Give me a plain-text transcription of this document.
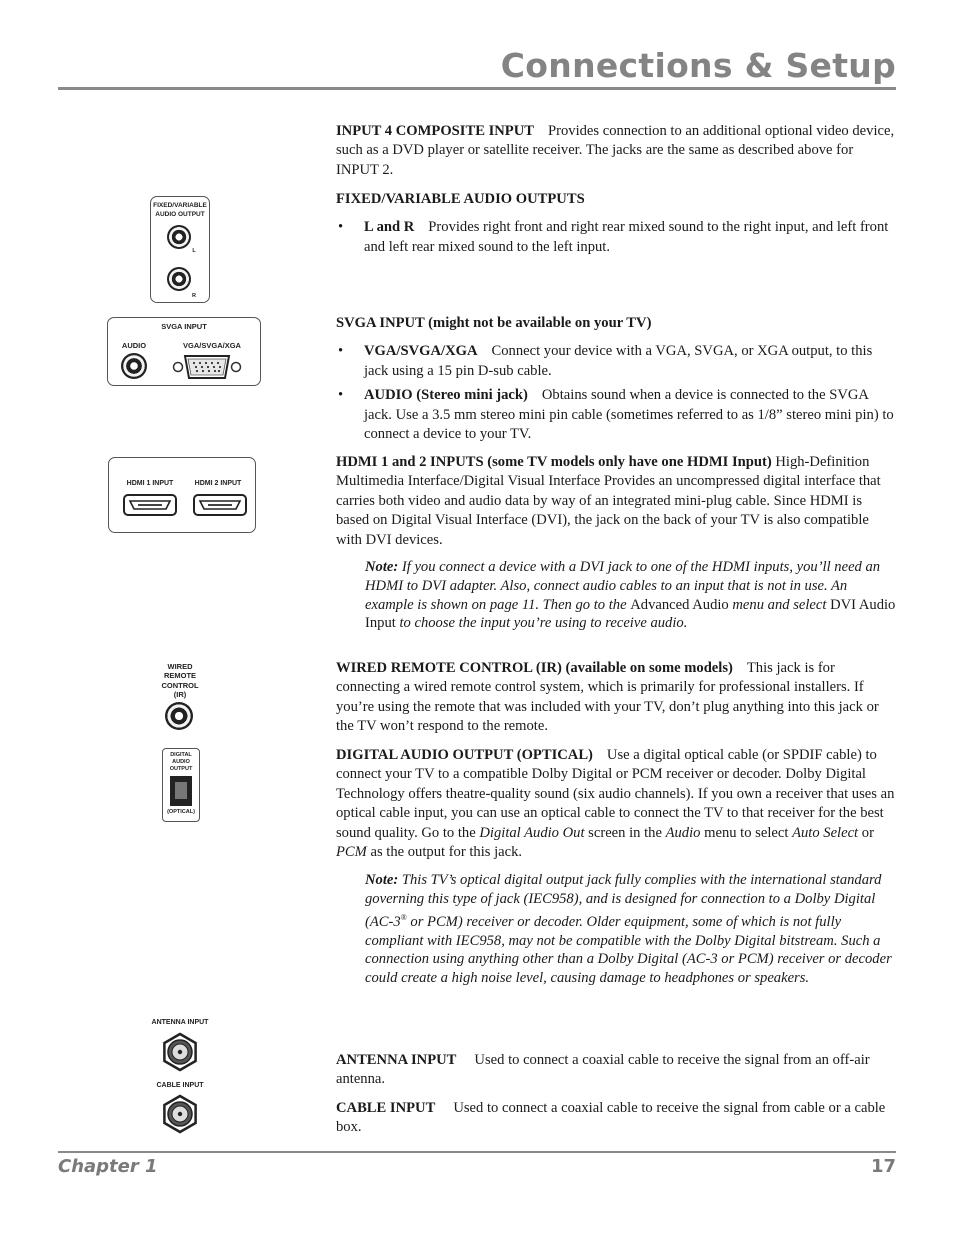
Connections & Setup
FIXED/VARIABLE
AUDIO OUTPUT
L
R
SVGA INPUT
AUDIO	VGA/SVGA/XGA
HDMI 1 INPUT	HDMI 2 INPUT
WIRED
REMOTE
CONTROL
(IR)
DIGITAL
AUDIO
OUTPUT
(OPTICAL)
ANTENNA INPUT
CABLE INPUT

INPUT 4 COMPOSITE INPUT Provides connection to an additional optional video device, such as a DVD player or satellite receiver. The jacks are the same as described above for INPUT 2.

FIXED/VARIABLE AUDIO OUTPUTS

• L and R Provides right front and right rear mixed sound to the right input, and left front and left rear mixed sound to the left input.

SVGA INPUT (might not be available on your TV)

• VGA/SVGA/XGA Connect your device with a VGA, SVGA, or XGA output, to this jack using a 15 pin D-sub cable.

• AUDIO (Stereo mini jack) Obtains sound when a device is connected to the SVGA jack. Use a 3.5 mm stereo mini pin cable (sometimes referred to as 1/8” stereo mini pin) to connect a device to your TV.

HDMI 1 and 2 INPUTS (some TV models only have one HDMI Input) High-Definition Multimedia Interface/Digital Visual Interface Provides an uncompressed digital interface that carries both video and audio data by way of an integrated mini-plug cable. Since HDMI is based on Digital Visual Interface (DVI), the jack on the back of your TV is also compatible with DVI devices.

Note: If you connect a device with a DVI jack to one of the HDMI inputs, you’ll need an HDMI to DVI adapter. Also, connect audio cables to an input that is not in use. An example is shown on page 11. Then go to the Advanced Audio menu and select DVI Audio Input to choose the input you’re using to receive audio.

WIRED REMOTE CONTROL (IR) (available on some models) This jack is for connecting a wired remote control system, which is primarily for professional installers. If you’re using the remote that was included with your TV, don’t plug anything into this jack or the TV won’t respond to the remote.

DIGITAL AUDIO OUTPUT (OPTICAL) Use a digital optical cable (or SPDIF cable) to connect your TV to a compatible Dolby Digital or PCM receiver or decoder. Dolby Digital Technology offers theatre-quality sound (six audio channels). If you own a receiver that uses an optical cable input, you can use an optical cable to connect the TV to that receiver for the best sound quality. Go to the Digital Audio Out screen in the Audio menu to select Auto Select or PCM as the output for this jack.

Note: This TV’s optical digital output jack fully complies with the international standard governing this type of jack (IEC958), and is designed for connection to a Dolby Digital (AC-3® or PCM) receiver or decoder. Older equipment, some of which is not fully compliant with IEC958, may not be compatible with the Dolby Digital bitstream. Such a connection using anything other than a Dolby Digital (AC-3 or PCM) receiver or decoder could create a high noise level, causing damage to headphones or speakers.

ANTENNA INPUT Used to connect a coaxial cable to receive the signal from an off-air antenna.

CABLE INPUT Used to connect a coaxial cable to receive the signal from cable or a cable box.

Chapter 1	17
